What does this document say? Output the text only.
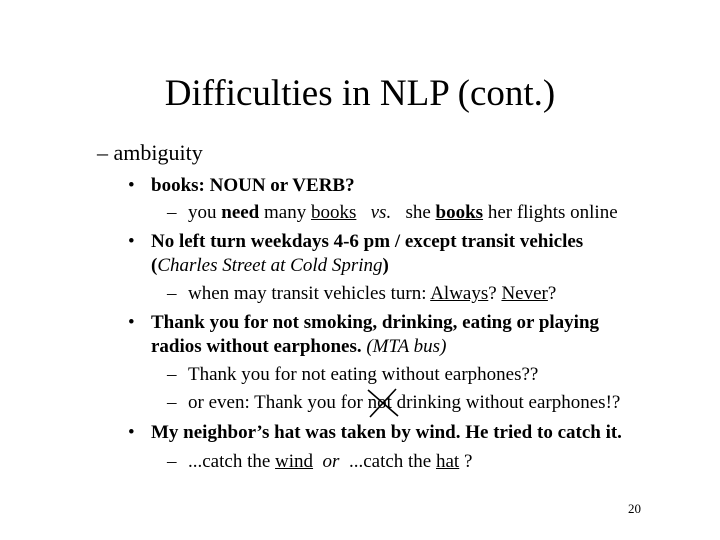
Difficulties in NLP (cont.)
– ambiguity
• books: NOUN or VERB?
– you need many books vs. she books her flights online
• No left turn weekdays 4-6 pm / except transit vehicles
(Charles Street at Cold Spring)
– when may transit vehicles turn: Always? Never?
• Thank you for not smoking, drinking, eating or playing
radios without earphones. (MTA bus)
– Thank you for not eating without earphones??
– or even: Thank you for not
drinking without earphones!?
• My neighbor’s hat was taken by wind. He tried to catch it.
– ...catch the wind or ...catch the hat ?
20
